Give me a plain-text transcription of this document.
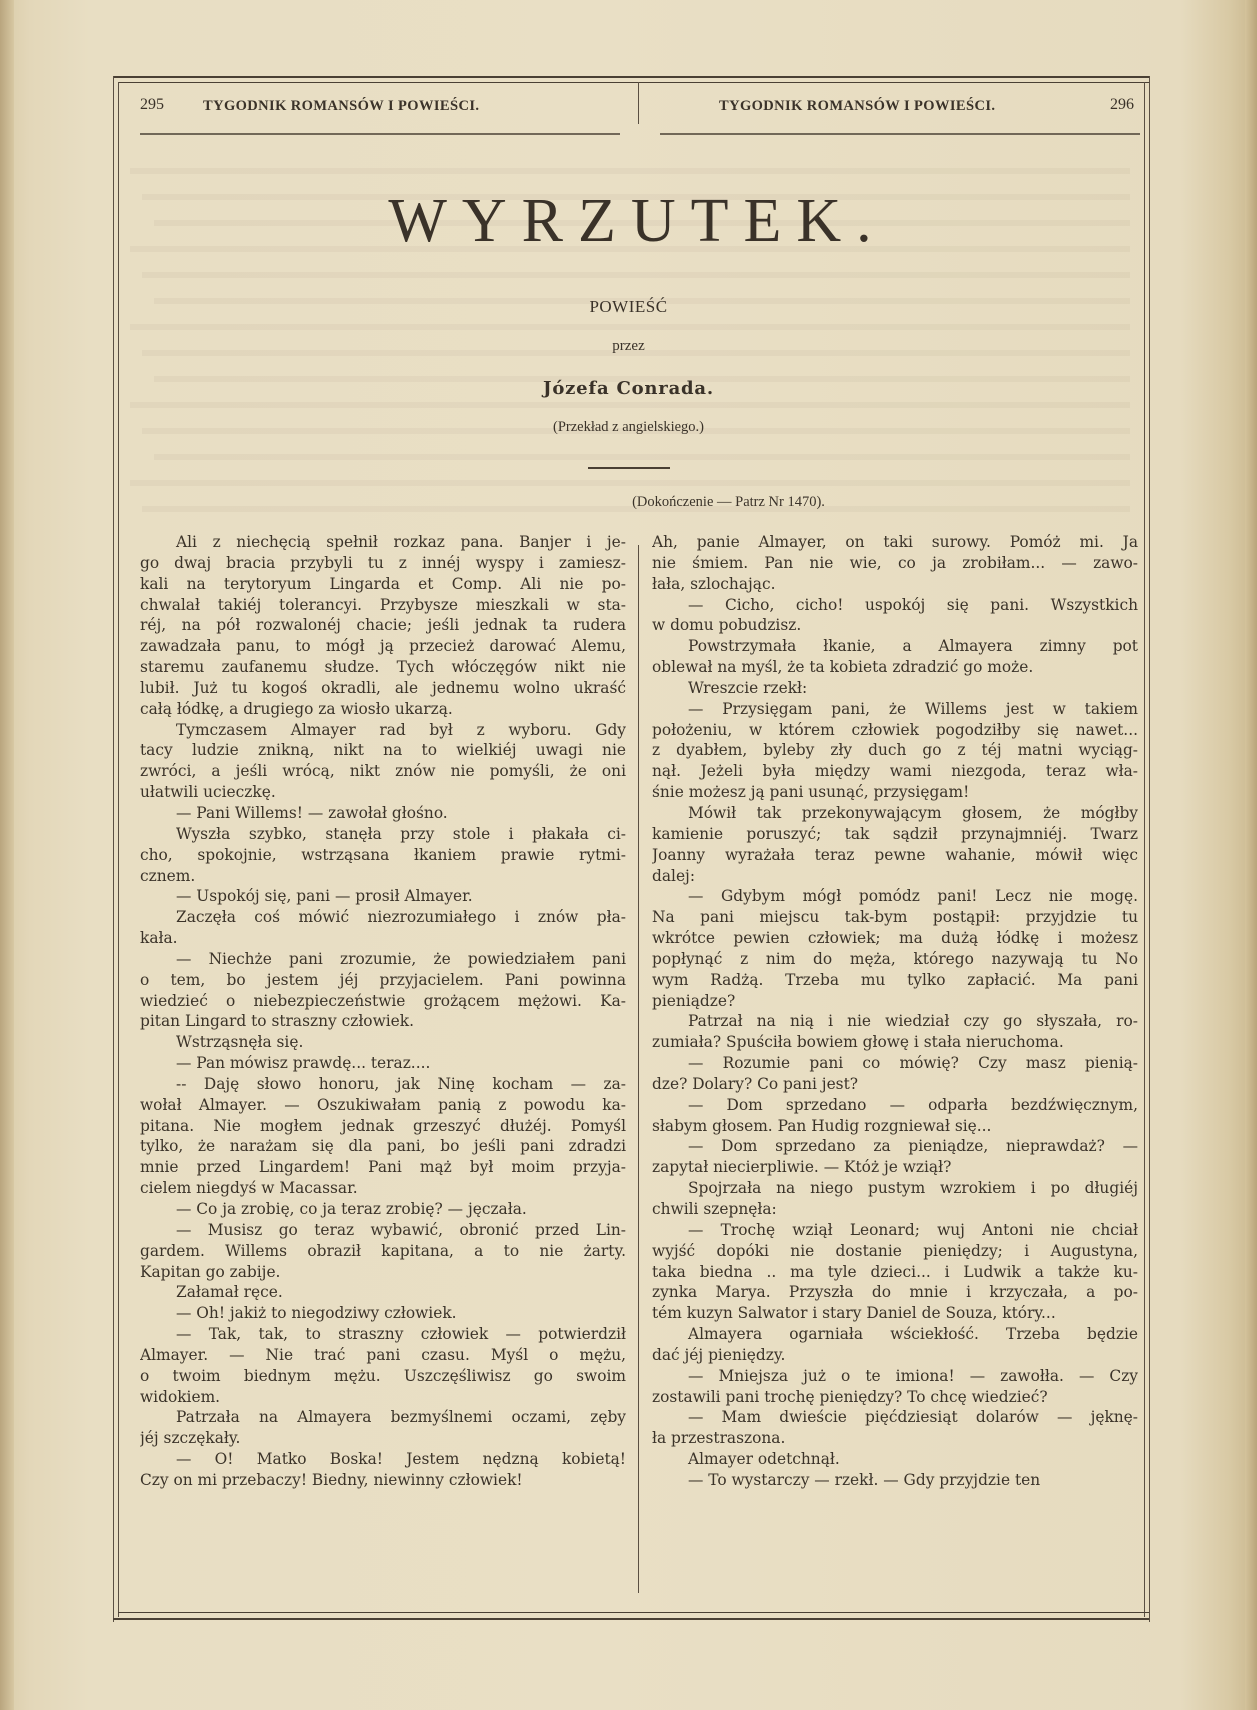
295	TYGODNIK ROMANSÓW I POWIEŚCI.	TYGODNIK ROMANSÓW I POWIEŚCI.	296
WYRZUTEK.
POWIEŚĆ
przez
Józefa Conrada.
(Przekład z angielskiego.)
(Dokończenie — Patrz Nr 1470).

Ali z niechęcią spełnił rozkaz pana. Banjer i je-
go dwaj bracia przybyli tu z innéj wyspy i zamiesz-
kali na terytoryum Lingarda et Comp. Ali nie po-
chwalał takiéj tolerancyi. Przybysze mieszkali w sta-
réj, na pół rozwalonéj chacie; jeśli jednak ta rudera
zawadzała panu, to mógł ją przecież darować Alemu,
staremu zaufanemu słudze. Tych włóczęgów nikt nie
lubił. Już tu kogoś okradli, ale jednemu wolno ukraść
całą łódkę, a drugiego za wiosło ukarzą.

Tymczasem Almayer rad był z wyboru. Gdy
tacy ludzie znikną, nikt na to wielkiéj uwagi nie
zwróci, a jeśli wrócą, nikt znów nie pomyśli, że oni
ułatwili ucieczkę.

— Pani Willems! — zawołał głośno.

Wyszła szybko, stanęła przy stole i płakała ci-
cho, spokojnie, wstrząsana łkaniem prawie rytmi-
cznem.

— Uspokój się, pani — prosił Almayer.

Zaczęła coś mówić niezrozumiałego i znów pła-
kała.

— Niechże pani zrozumie, że powiedziałem pani
o tem, bo jestem jéj przyjacielem. Pani powinna
wiedzieć o niebezpieczeństwie grożącem mężowi. Ka-
pitan Lingard to straszny człowiek.

Wstrząsnęła się.

— Pan mówisz prawdę... teraz....

-- Daję słowo honoru, jak Ninę kocham — za-
wołał Almayer. — Oszukiwałam panią z powodu ka-
pitana. Nie mogłem jednak grzeszyć dłużéj. Pomyśl
tylko, że narażam się dla pani, bo jeśli pani zdradzi
mnie przed Lingardem! Pani mąż był moim przyja-
cielem niegdyś w Macassar.

— Co ja zrobię, co ja teraz zrobię? — jęczała.

— Musisz go teraz wybawić, obronić przed Lin-
gardem. Willems obraził kapitana, a to nie żarty.
Kapitan go zabije.

Załamał ręce.

— Oh! jakiż to niegodziwy człowiek.

— Tak, tak, to straszny człowiek — potwierdził
Almayer. — Nie trać pani czasu. Myśl o mężu,
o twoim biednym mężu. Uszczęśliwisz go swoim
widokiem.

Patrzała na Almayera bezmyślnemi oczami, zęby
jéj szczękały.

— O! Matko Boska! Jestem nędzną kobietą!
Czy on mi przebaczy! Biedny, niewinny człowiek!

Ah, panie Almayer, on taki surowy. Pomóż mi. Ja
nie śmiem. Pan nie wie, co ja zrobiłam... — zawo-
łała, szlochając.

— Cicho, cicho! uspokój się pani. Wszystkich
w domu pobudzisz.

Powstrzymała łkanie, a Almayera zimny pot
oblewał na myśl, że ta kobieta zdradzić go może.

Wreszcie rzekł:

— Przysięgam pani, że Willems jest w takiem
położeniu, w którem człowiek pogodziłby się nawet...
z dyabłem, byleby zły duch go z téj matni wyciąg-
nął. Jeżeli była między wami niezgoda, teraz wła-
śnie możesz ją pani usunąć, przysięgam!

Mówił tak przekonywającym głosem, że mógłby
kamienie poruszyć; tak sądził przynajmniéj. Twarz
Joanny wyrażała teraz pewne wahanie, mówił więc
dalej:

— Gdybym mógł pomódz pani! Lecz nie mogę.
Na pani miejscu tak-bym postąpił: przyjdzie tu
wkrótce pewien człowiek; ma dużą łódkę i możesz
popłynąć z nim do męża, którego nazywają tu No
wym Radżą. Trzeba mu tylko zapłacić. Ma pani
pieniądze?

Patrzał na nią i nie wiedział czy go słyszała, ro-
zumiała? Spuściła bowiem głowę i stała nieruchoma.

— Rozumie pani co mówię? Czy masz pienią-
dze? Dolary? Co pani jest?

— Dom sprzedano — odparła bezdźwięcznym,
słabym głosem. Pan Hudig rozgniewał się...

— Dom sprzedano za pieniądze, nieprawdaż? —
zapytał niecierpliwie. — Któż je wziął?

Spojrzała na niego pustym wzrokiem i po długiéj
chwili szepnęła:

— Trochę wziął Leonard; wuj Antoni nie chciał
wyjść dopóki nie dostanie pieniędzy; i Augustyna,
taka biedna .. ma tyle dzieci... i Ludwik a także ku-
zynka Marya. Przyszła do mnie i krzyczała, a po-
tém kuzyn Salwator i stary Daniel de Souza, który...

Almayera ogarniała wściekłość. Trzeba będzie
dać jéj pieniędzy.

— Mniejsza już o te imiona! — zawołła. — Czy
zostawili pani trochę pieniędzy? To chcę wiedzieć?

— Mam dwieście pięćdziesiąt dolarów — jęknę-
ła przestraszona.

Almayer odetchnął.

— To wystarczy — rzekł. — Gdy przyjdzie ten
